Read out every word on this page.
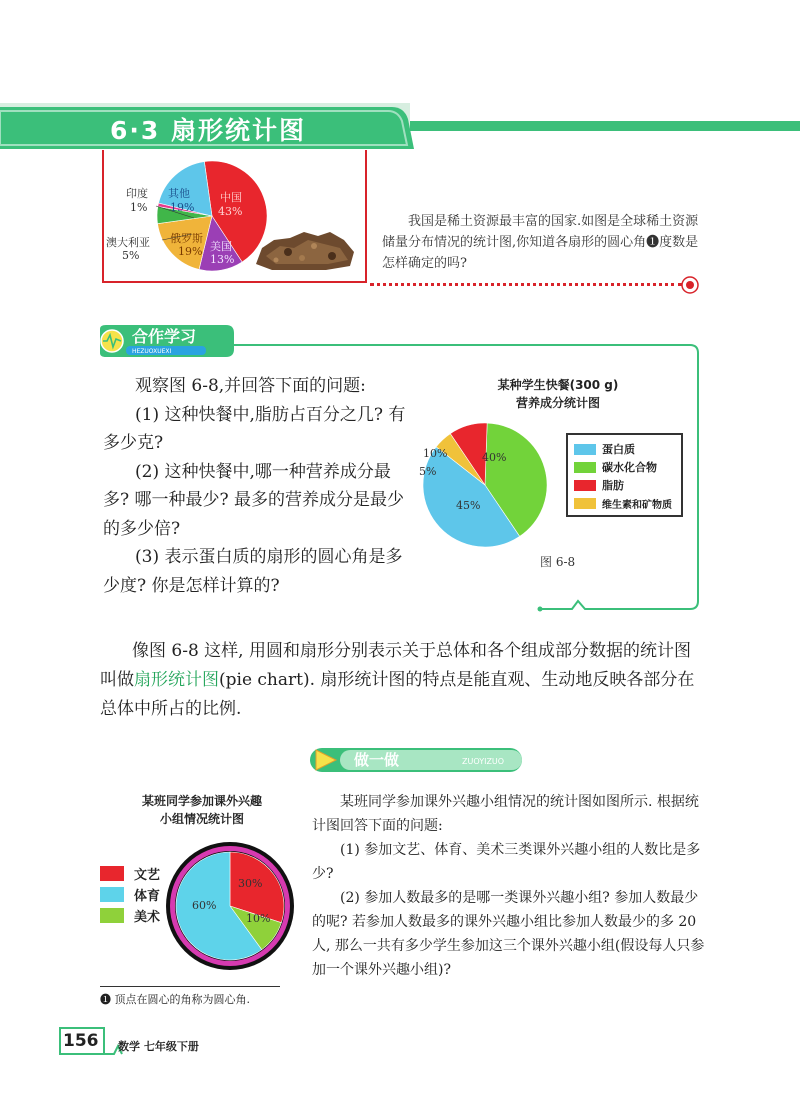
6·3 扇形统计图
中国
43%
美国
13%
俄罗斯
19%
澳大利亚
5%
印度
1%
其他
19%
我国是稀土资源最丰富的国家.如图是全球稀土资源储量分布情况的统计图,你知道各扇形的圆心角❶度数是怎样确定的吗?
合作学习
HEZUOXUEXI

观察图 6-8,并回答下面的问题:

(1) 这种快餐中,脂肪占百分之几? 有多少克?

(2) 这种快餐中,哪一种营养成分最多? 哪一种最少? 最多的营养成分是最少的多少倍?

(3) 表示蛋白质的扇形的圆心角是多少度? 你是怎样计算的?

某种学生快餐(300 g)
营养成分统计图
45%
40%
10%
5%
蛋白质
碳水化合物
脂肪
维生素和矿物质
图 6-8

像图 6-8 这样, 用圆和扇形分别表示关于总体和各个组成部分数据的统计图叫做扇形统计图(pie chart). 扇形统计图的特点是能直观、生动地反映各部分在总体中所占的比例.

做一做	ZUOYIZUO
某班同学参加课外兴趣
小组情况统计图
文艺
体育
美术
30%
60%
10%

某班同学参加课外兴趣小组情况的统计图如图所示. 根据统计图回答下面的问题:

(1) 参加文艺、体育、美术三类课外兴趣小组的人数比是多少?

(2) 参加人数最多的是哪一类课外兴趣小组? 参加人数最少的呢? 若参加人数最多的课外兴趣小组比参加人数最少的多 20 人, 那么一共有多少学生参加这三个课外兴趣小组(假设每人只参加一个课外兴趣小组)?

❶ 顶点在圆心的角称为圆心角.
156 数学 七年级下册
